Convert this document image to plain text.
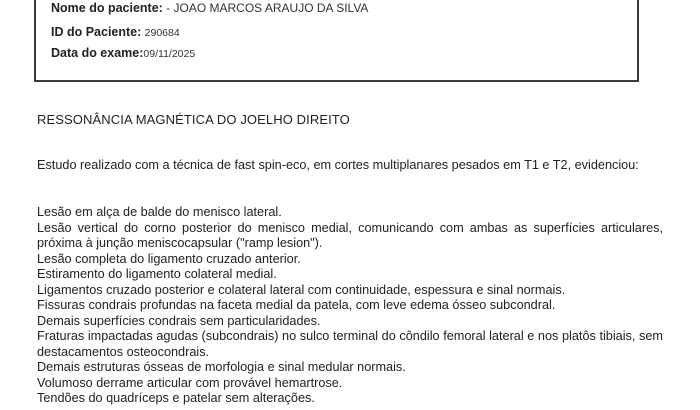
Nome do paciente: - JOAO MARCOS ARAUJO DA SILVA
ID do Paciente: 290684
Data do exame:09/11/2025
RESSONÂNCIA MAGNÉTICA DO JOELHO DIREITO
Estudo realizado com a técnica de fast spin-eco, em cortes multiplanares pesados em T1 e T2, evidenciou:
Lesão em alça de balde do menisco lateral.
Lesão vertical do corno posterior do menisco medial, comunicando com ambas as superfícies articulares, próxima à junção meniscocapsular ("ramp lesion").
Lesão completa do ligamento cruzado anterior.
Estiramento do ligamento colateral medial.
Ligamentos cruzado posterior e colateral lateral com continuidade, espessura e sinal normais.
Fissuras condrais profundas na faceta medial da patela, com leve edema ósseo subcondral.
Demais superfícies condrais sem particularidades.
Fraturas impactadas agudas (subcondrais) no sulco terminal do côndilo femoral lateral e nos platôs tibiais, sem destacamentos osteocondrais.
Demais estruturas ósseas de morfologia e sinal medular normais.
Volumoso derrame articular com provável hemartrose.
Tendões do quadríceps e patelar sem alterações.
